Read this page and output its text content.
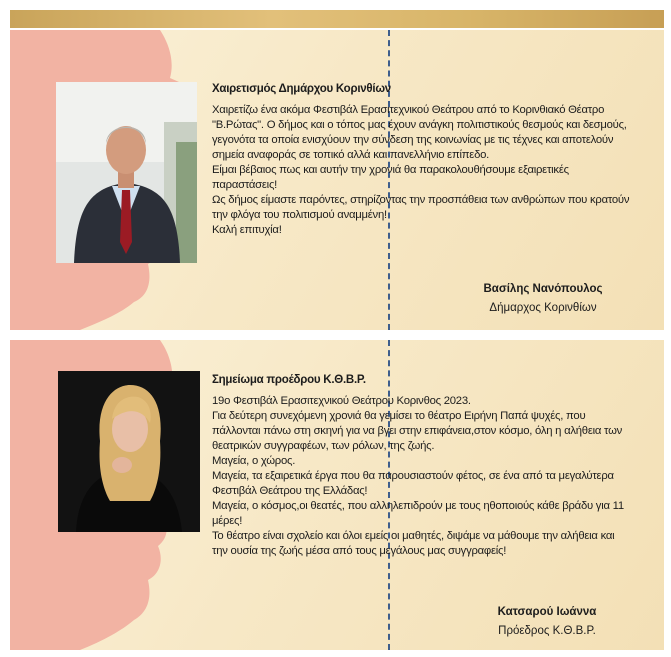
Χαιρετισμός Δημάρχου Κορινθίων
Χαιρετίζω ένα ακόμα Φεστιβάλ Ερασιτεχνικού Θεάτρου από το Κορινθιακό Θέατρο "Β.Ρώτας". Ο δήμος και ο τόπος μας έχουν ανάγκη πολιτιστικούς θεσμούς και δεσμούς, γεγονότα τα οποία ενισχύουν την σύνδεση της κοινωνίας με τις τέχνες και αποτελούν σημεία αναφοράς σε τοπικό αλλά και πανελλήνιο επίπεδο.
Είμαι βέβαιος πως και αυτήν την χρονιά θα παρακολουθήσουμε εξαιρετικές παραστάσεις!
Ως δήμος είμαστε παρόντες, στηρίζοντας την προσπάθεια των ανθρώπων που κρατούν την φλόγα του πολιτισμού αναμμένη!
Καλή επιτυχία!
Βασίλης Νανόπουλος
Δήμαρχος Κορινθίων
Σημείωμα προέδρου Κ.Θ.Β.Ρ.
19ο Φεστιβάλ Ερασιτεχνικού Θεάτρου Κορινθος 2023.
Για δεύτερη συνεχόμενη χρονιά θα γεμίσει το θέατρο Ειρήνη Παπά ψυχές, που πάλλονται πάνω στη σκηνή για να βγει στην επιφάνεια,στον κόσμο, όλη η αλήθεια των θεατρικών συγγραφέων, των ρόλων, της ζωής.
Μαγεία, ο χώρος.
Μαγεία, τα εξαιρετικά έργα που θα παρουσιαστούν φέτος, σε ένα από τα μεγαλύτερα Φεστιβάλ Θεάτρου της Ελλάδας!
Μαγεία, ο κόσμος,οι θεατές, που αλληλεπιδρούν με τους ηθοποιούς κάθε βράδυ για 11 μέρες!
Το θέατρο είναι σχολείο και όλοι εμείς οι μαθητές, διψάμε να μάθουμε την αλήθεια και την ουσία της ζωής μέσα από τους μεγάλους μας συγγραφείς!
Κατσαρού Ιωάννα
Πρόεδρος Κ.Θ.Β.Ρ.
